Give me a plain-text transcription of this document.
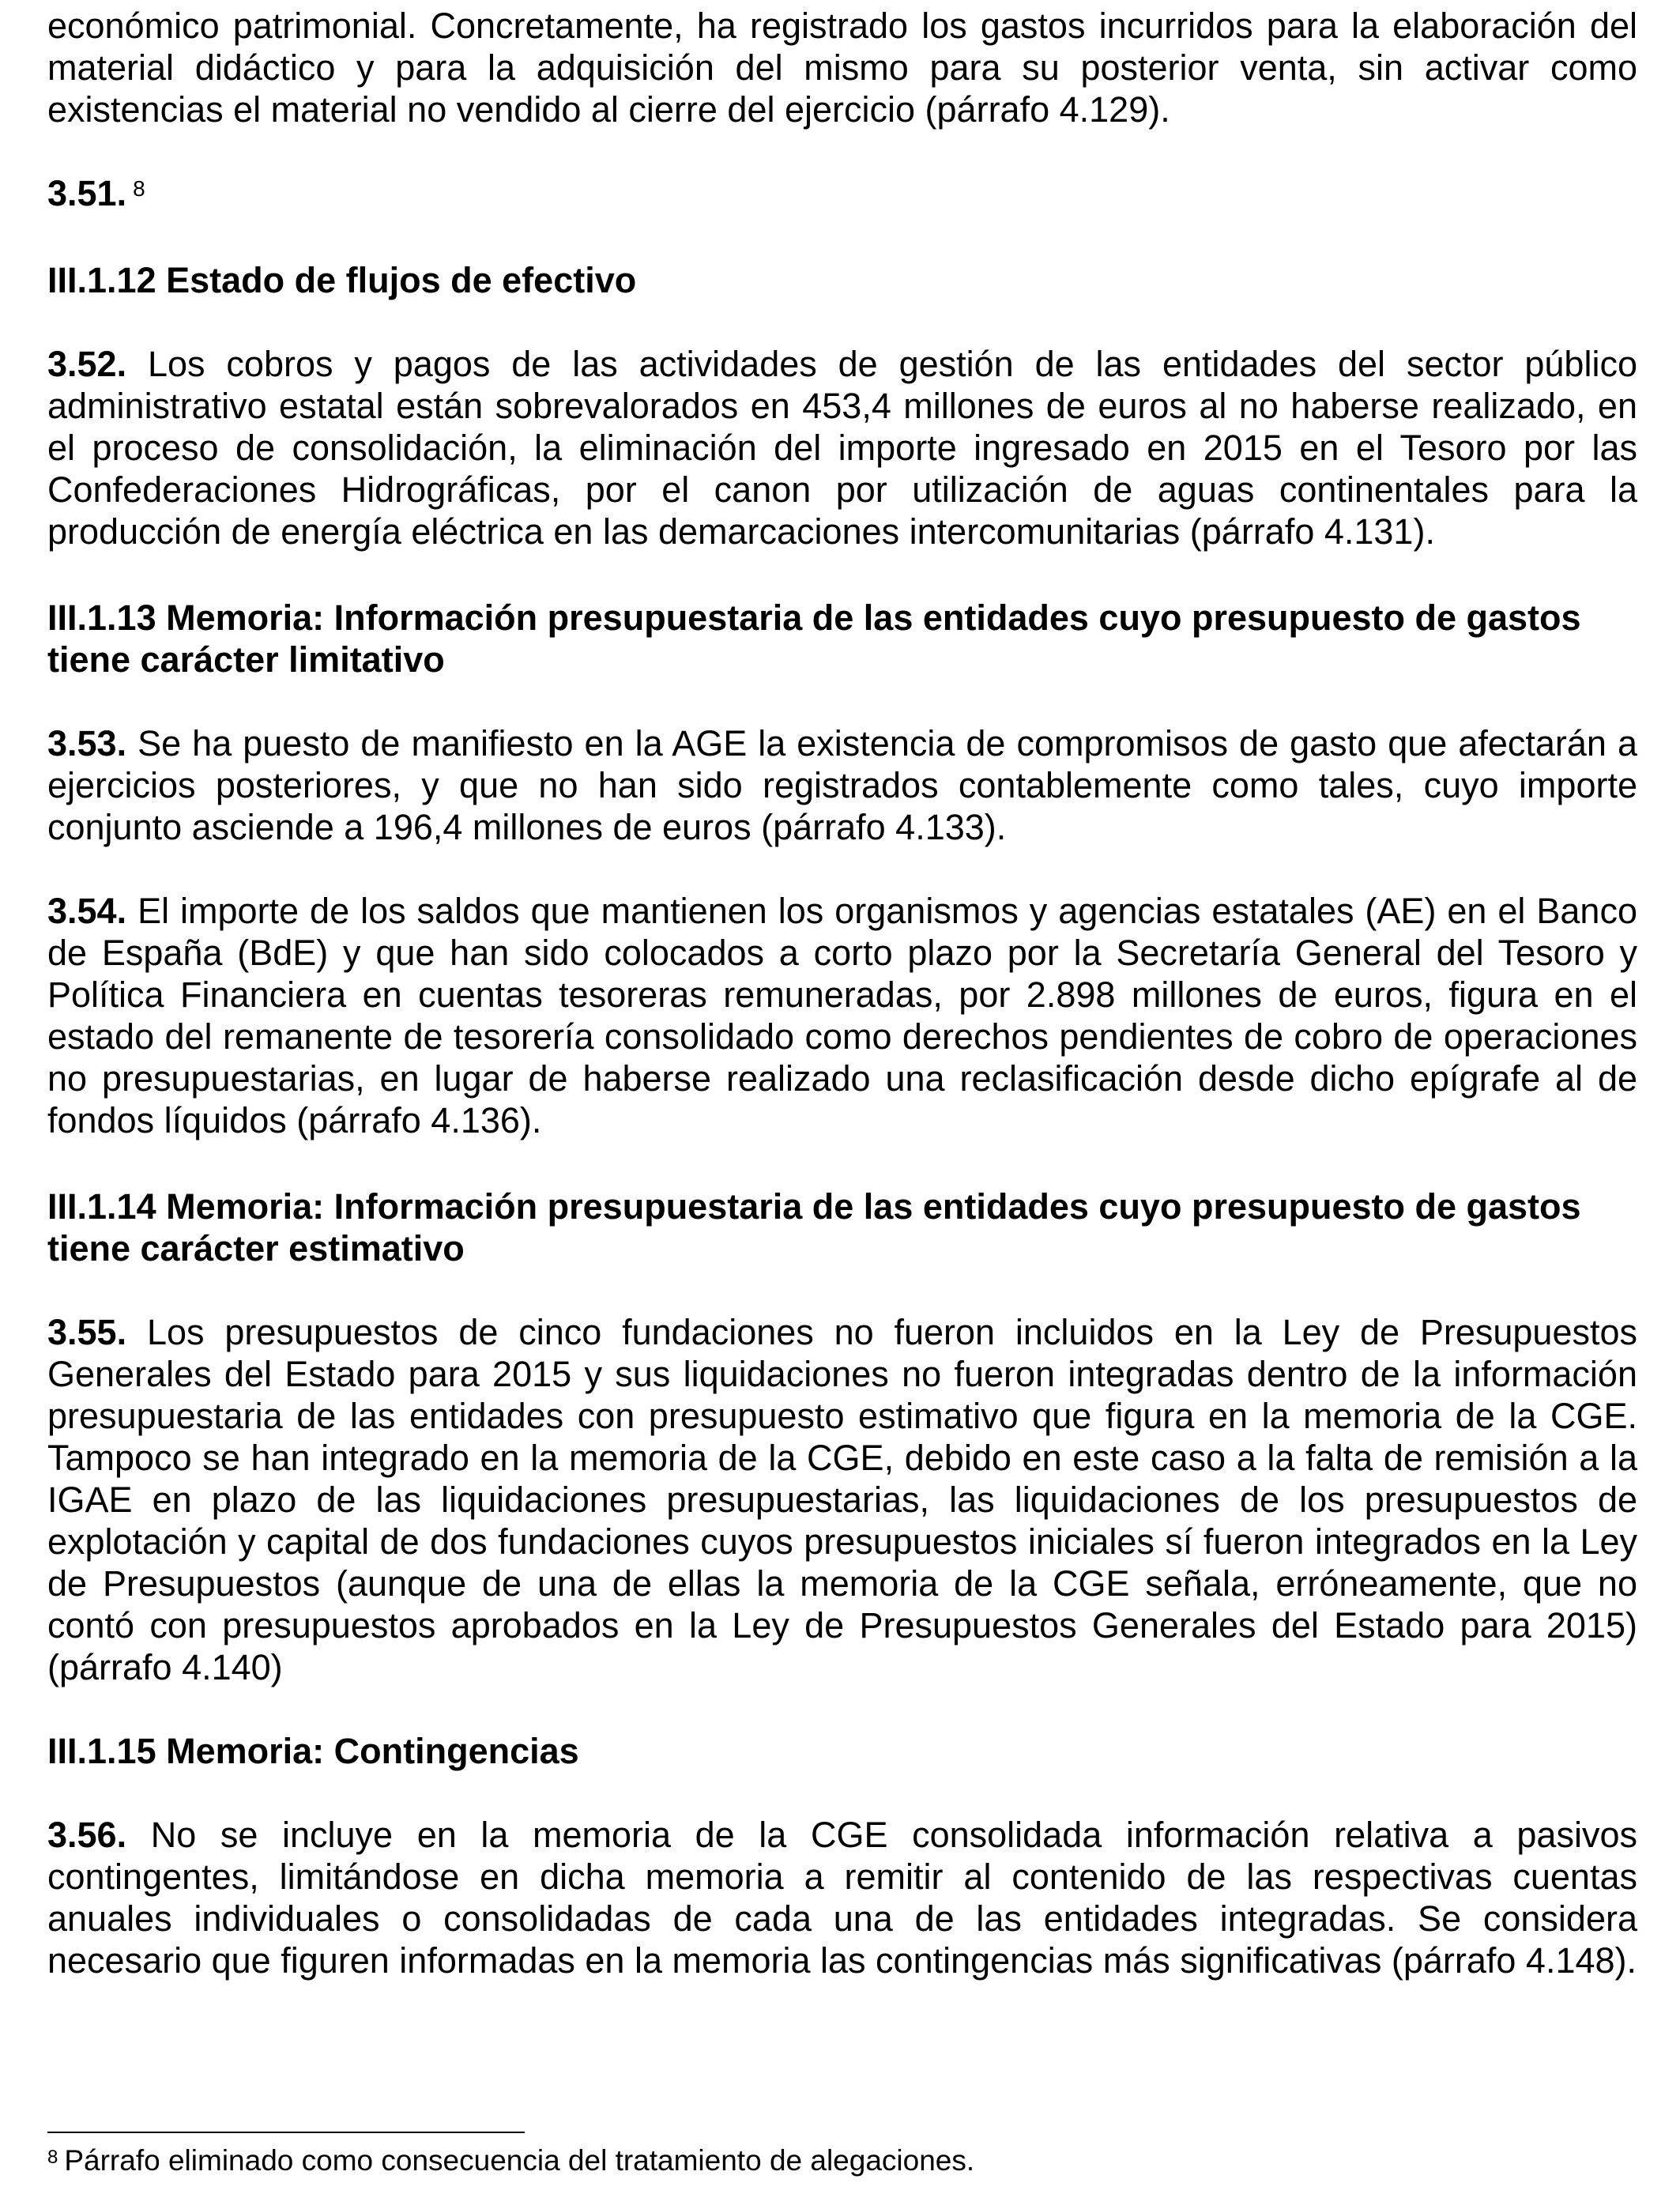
económico patrimonial. Concretamente, ha registrado los gastos incurridos para la elaboración del material didáctico y para la adquisición del mismo para su posterior venta, sin activar como existencias el material no vendido al cierre del ejercicio (párrafo 4.129).

3.51. $^8$

III.1.12 Estado de flujos de efectivo

3.52. Los cobros y pagos de las actividades de gestión de las entidades del sector público administrativo estatal están sobrevalorados en 453,4 millones de euros al no haberse realizado, en el proceso de consolidación, la eliminación del importe ingresado en 2015 en el Tesoro por las Confederaciones Hidrográficas, por el canon por utilización de aguas continentales para la producción de energía eléctrica en las demarcaciones intercomunitarias (párrafo 4.131).

III.1.13 Memoria: Información presupuestaria de las entidades cuyo presupuesto de gastos tiene carácter limitativo

3.53. Se ha puesto de manifiesto en la AGE la existencia de compromisos de gasto que afectarán a ejercicios posteriores, y que no han sido registrados contablemente como tales, cuyo importe conjunto asciende a 196,4 millones de euros (párrafo 4.133).

3.54. El importe de los saldos que mantienen los organismos y agencias estatales (AE) en el Banco de España (BdE) y que han sido colocados a corto plazo por la Secretaría General del Tesoro y Política Financiera en cuentas tesoreras remuneradas, por 2.898 millones de euros, figura en el estado del remanente de tesorería consolidado como derechos pendientes de cobro de operaciones no presupuestarias, en lugar de haberse realizado una reclasificación desde dicho epígrafe al de fondos líquidos (párrafo 4.136).

III.1.14 Memoria: Información presupuestaria de las entidades cuyo presupuesto de gastos tiene carácter estimativo

3.55. Los presupuestos de cinco fundaciones no fueron incluidos en la Ley de Presupuestos Generales del Estado para 2015 y sus liquidaciones no fueron integradas dentro de la información presupuestaria de las entidades con presupuesto estimativo que figura en la memoria de la CGE. Tampoco se han integrado en la memoria de la CGE, debido en este caso a la falta de remisión a la IGAE en plazo de las liquidaciones presupuestarias, las liquidaciones de los presupuestos de explotación y capital de dos fundaciones cuyos presupuestos iniciales sí fueron integrados en la Ley de Presupuestos (aunque de una de ellas la memoria de la CGE señala, erróneamente, que no contó con presupuestos aprobados en la Ley de Presupuestos Generales del Estado para 2015) (párrafo 4.140)

III.1.15 Memoria: Contingencias

3.56. No se incluye en la memoria de la CGE consolidada información relativa a pasivos contingentes, limitándose en dicha memoria a remitir al contenido de las respectivas cuentas anuales individuales o consolidadas de cada una de las entidades integradas. Se considera necesario que figuren informadas en la memoria las contingencias más significativas (párrafo 4.148).

$^8$ Párrafo eliminado como consecuencia del tratamiento de alegaciones.
